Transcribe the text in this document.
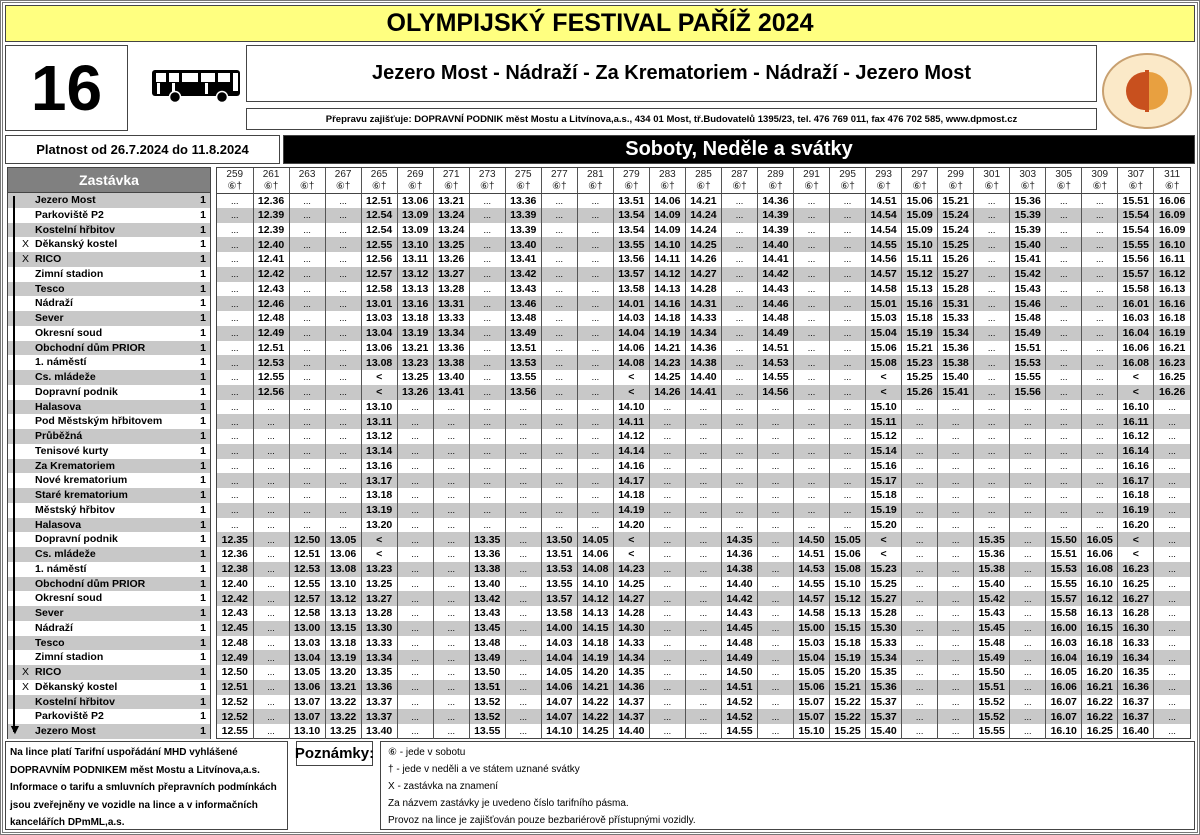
OLYMPIJSKÝ FESTIVAL PAŘÍŽ 2024
16	Jezero Most - Nádraží - Za Krematoriem - Nádraží - Jezero Most
Přepravu zajišťuje: DOPRAVNÍ PODNIK měst Mostu a Litvínova,a.s., 434 01 Most, tř.Budovatelů 1395/23, tel. 476 769 011, fax 476 702 585, www.dpmost.cz
Platnost od 26.7.2024 do 11.8.2024	Soboty, Neděle a svátky
Zastávka
Jezero Most	1
Parkoviště P2	1
Kostelní hřbitov	1
X Děkanský kostel	1
X RICO	1
Zimní stadion	1
Tesco	1
Nádraží	1
Sever	1
Okresní soud	1
Obchodní dům PRIOR	1
1. náměstí	1
Cs. mládeže	1
Dopravní podnik	1
Halasova	1
Pod Městským hřbitovem	1
Průběžná	1
Tenisové kurty	1
Za Krematoriem	1
Nové krematorium	1
Staré krematorium	1
Městský hřbitov	1
Halasova	1
Dopravní podnik	1
Cs. mládeže	1
1. náměstí	1
Obchodní dům PRIOR	1
Okresní soud	1
Sever	1
Nádraží	1
Tesco	1
Zimní stadion	1
X RICO	1
X Děkanský kostel	1
Kostelní hřbitov	1
Parkoviště P2	1
Jezero Most	1
▼
259	261	263	267	265	269	271	273	275	277	281	279	283	285	287	289	291	295	293	297	299	301	303	305	309	307	311
⑥†	⑥†	⑥†	⑥†	⑥†	⑥†	⑥†	⑥†	⑥†	⑥†	⑥†	⑥†	⑥†	⑥†	⑥†	⑥†	⑥†	⑥†	⑥†	⑥†	⑥†	⑥†	⑥†	⑥†	⑥†	⑥†	⑥†
...	12.36	...	...	12.51	13.06	13.21	...	13.36	...	...	13.51	14.06	14.21	...	14.36	...	...	14.51	15.06	15.21	...	15.36	...	...	15.51	16.06
...	12.39	...	...	12.54	13.09	13.24	...	13.39	...	...	13.54	14.09	14.24	...	14.39	...	...	14.54	15.09	15.24	...	15.39	...	...	15.54	16.09
...	12.39	...	...	12.54	13.09	13.24	...	13.39	...	...	13.54	14.09	14.24	...	14.39	...	...	14.54	15.09	15.24	...	15.39	...	...	15.54	16.09
...	12.40	...	...	12.55	13.10	13.25	...	13.40	...	...	13.55	14.10	14.25	...	14.40	...	...	14.55	15.10	15.25	...	15.40	...	...	15.55	16.10
...	12.41	...	...	12.56	13.11	13.26	...	13.41	...	...	13.56	14.11	14.26	...	14.41	...	...	14.56	15.11	15.26	...	15.41	...	...	15.56	16.11
...	12.42	...	...	12.57	13.12	13.27	...	13.42	...	...	13.57	14.12	14.27	...	14.42	...	...	14.57	15.12	15.27	...	15.42	...	...	15.57	16.12
...	12.43	...	...	12.58	13.13	13.28	...	13.43	...	...	13.58	14.13	14.28	...	14.43	...	...	14.58	15.13	15.28	...	15.43	...	...	15.58	16.13
...	12.46	...	...	13.01	13.16	13.31	...	13.46	...	...	14.01	14.16	14.31	...	14.46	...	...	15.01	15.16	15.31	...	15.46	...	...	16.01	16.16
...	12.48	...	...	13.03	13.18	13.33	...	13.48	...	...	14.03	14.18	14.33	...	14.48	...	...	15.03	15.18	15.33	...	15.48	...	...	16.03	16.18
...	12.49	...	...	13.04	13.19	13.34	...	13.49	...	...	14.04	14.19	14.34	...	14.49	...	...	15.04	15.19	15.34	...	15.49	...	...	16.04	16.19
...	12.51	...	...	13.06	13.21	13.36	...	13.51	...	...	14.06	14.21	14.36	...	14.51	...	...	15.06	15.21	15.36	...	15.51	...	...	16.06	16.21
...	12.53	...	...	13.08	13.23	13.38	...	13.53	...	...	14.08	14.23	14.38	...	14.53	...	...	15.08	15.23	15.38	...	15.53	...	...	16.08	16.23
...	12.55	...	...	<	13.25	13.40	...	13.55	...	...	<	14.25	14.40	...	14.55	...	...	<	15.25	15.40	...	15.55	...	...	<	16.25
...	12.56	...	...	<	13.26	13.41	...	13.56	...	...	<	14.26	14.41	...	14.56	...	...	<	15.26	15.41	...	15.56	...	...	<	16.26
...	...	...	...	13.10	...	...	...	...	...	...	14.10	...	...	...	...	...	...	15.10	...	...	...	...	...	...	16.10	...
...	...	...	...	13.11	...	...	...	...	...	...	14.11	...	...	...	...	...	...	15.11	...	...	...	...	...	...	16.11	...
...	...	...	...	13.12	...	...	...	...	...	...	14.12	...	...	...	...	...	...	15.12	...	...	...	...	...	...	16.12	...
...	...	...	...	13.14	...	...	...	...	...	...	14.14	...	...	...	...	...	...	15.14	...	...	...	...	...	...	16.14	...
...	...	...	...	13.16	...	...	...	...	...	...	14.16	...	...	...	...	...	...	15.16	...	...	...	...	...	...	16.16	...
...	...	...	...	13.17	...	...	...	...	...	...	14.17	...	...	...	...	...	...	15.17	...	...	...	...	...	...	16.17	...
...	...	...	...	13.18	...	...	...	...	...	...	14.18	...	...	...	...	...	...	15.18	...	...	...	...	...	...	16.18	...
...	...	...	...	13.19	...	...	...	...	...	...	14.19	...	...	...	...	...	...	15.19	...	...	...	...	...	...	16.19	...
...	...	...	...	13.20	...	...	...	...	...	...	14.20	...	...	...	...	...	...	15.20	...	...	...	...	...	...	16.20	...
12.35	...	12.50	13.05	<	...	...	13.35	...	13.50	14.05	<	...	...	14.35	...	14.50	15.05	<	...	...	15.35	...	15.50	16.05	<	...
12.36	...	12.51	13.06	<	...	...	13.36	...	13.51	14.06	<	...	...	14.36	...	14.51	15.06	<	...	...	15.36	...	15.51	16.06	<	...
12.38	...	12.53	13.08	13.23	...	...	13.38	...	13.53	14.08	14.23	...	...	14.38	...	14.53	15.08	15.23	...	...	15.38	...	15.53	16.08	16.23	...
12.40	...	12.55	13.10	13.25	...	...	13.40	...	13.55	14.10	14.25	...	...	14.40	...	14.55	15.10	15.25	...	...	15.40	...	15.55	16.10	16.25	...
12.42	...	12.57	13.12	13.27	...	...	13.42	...	13.57	14.12	14.27	...	...	14.42	...	14.57	15.12	15.27	...	...	15.42	...	15.57	16.12	16.27	...
12.43	...	12.58	13.13	13.28	...	...	13.43	...	13.58	14.13	14.28	...	...	14.43	...	14.58	15.13	15.28	...	...	15.43	...	15.58	16.13	16.28	...
12.45	...	13.00	13.15	13.30	...	...	13.45	...	14.00	14.15	14.30	...	...	14.45	...	15.00	15.15	15.30	...	...	15.45	...	16.00	16.15	16.30	...
12.48	...	13.03	13.18	13.33	...	...	13.48	...	14.03	14.18	14.33	...	...	14.48	...	15.03	15.18	15.33	...	...	15.48	...	16.03	16.18	16.33	...
12.49	...	13.04	13.19	13.34	...	...	13.49	...	14.04	14.19	14.34	...	...	14.49	...	15.04	15.19	15.34	...	...	15.49	...	16.04	16.19	16.34	...
12.50	...	13.05	13.20	13.35	...	...	13.50	...	14.05	14.20	14.35	...	...	14.50	...	15.05	15.20	15.35	...	...	15.50	...	16.05	16.20	16.35	...
12.51	...	13.06	13.21	13.36	...	...	13.51	...	14.06	14.21	14.36	...	...	14.51	...	15.06	15.21	15.36	...	...	15.51	...	16.06	16.21	16.36	...
12.52	...	13.07	13.22	13.37	...	...	13.52	...	14.07	14.22	14.37	...	...	14.52	...	15.07	15.22	15.37	...	...	15.52	...	16.07	16.22	16.37	...
12.52	...	13.07	13.22	13.37	...	...	13.52	...	14.07	14.22	14.37	...	...	14.52	...	15.07	15.22	15.37	...	...	15.52	...	16.07	16.22	16.37	...
12.55	...	13.10	13.25	13.40	...	...	13.55	...	14.10	14.25	14.40	...	...	14.55	...	15.10	15.25	15.40	...	...	15.55	...	16.10	16.25	16.40	...
Na lince platí Tarifní uspořádání MHD vyhlášené
DOPRAVNÍM PODNIKEM měst Mostu a Litvínova,a.s.
Informace o tarifu a smluvních přepravních podmínkách
jsou zveřejněny ve vozidle na lince a v informačních
kancelářích DPmML,a.s.
Poznámky: ⑥ - jede v sobotu
† - jede v neděli a ve státem uznané svátky
X - zastávka na znamení
Za názvem zastávky je uvedeno číslo tarifního pásma.
Provoz na lince je zajišťován pouze bezbariérově přístupnými vozidly.
